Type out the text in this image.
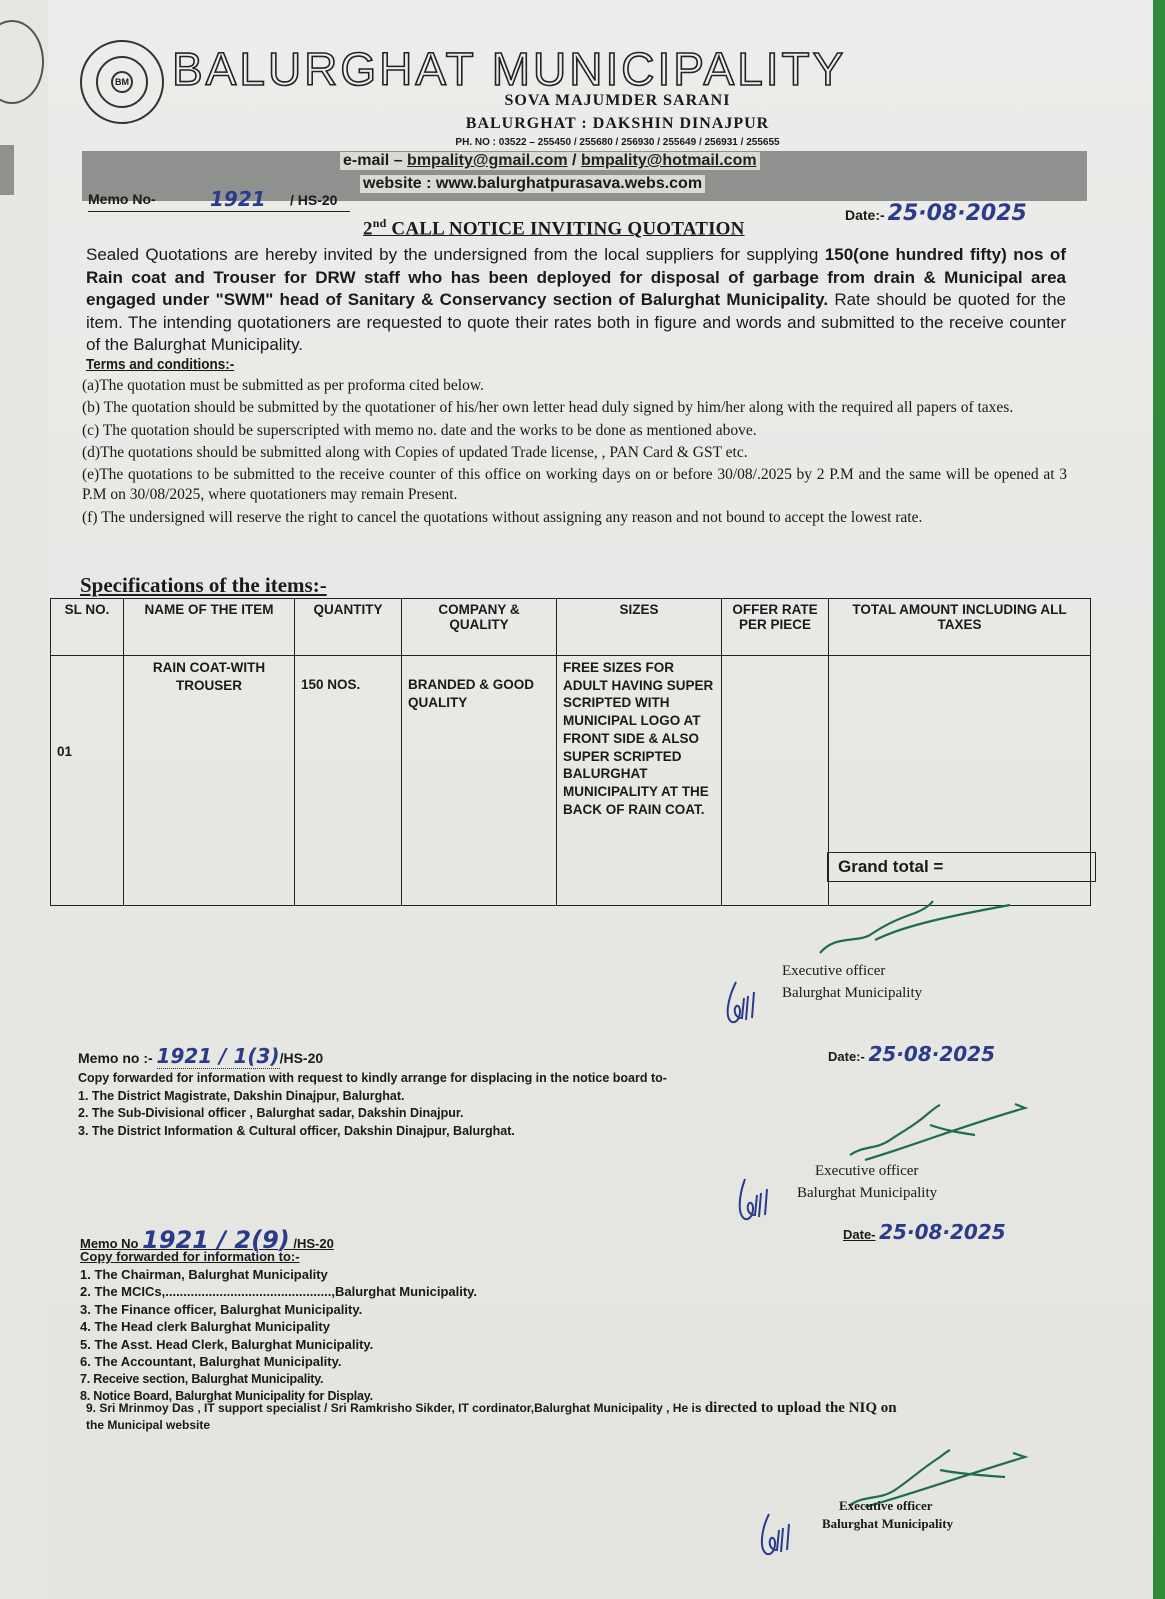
BM BALURGHAT MUNICIPALITY
SOVA MAJUMDER SARANI
BALURGHAT : DAKSHIN DINAJPUR
PH. NO : 03522 – 255450 / 255680 / 256930 / 255649 / 256931 / 255655
e-mail – bmpality@gmail.com / bmpality@hotmail.com
website : www.balurghatpurasava.webs.com
Memo No-	1921 / HS-20
Date:- 25·08·2025
2nd CALL NOTICE INVITING QUOTATION
Sealed Quotations are hereby invited by the undersigned from the local suppliers for supplying 150(one hundred fifty) nos of Rain coat and Trouser for DRW staff who has been deployed for disposal of garbage from drain & Municipal area engaged under "SWM" head of Sanitary & Conservancy section of Balurghat Municipality. Rate should be quoted for the item. The intending quotationers are requested to quote their rates both in figure and words and submitted to the receive counter of the Balurghat Municipality.
Terms and conditions:-

(a)The quotation must be submitted as per proforma cited below.

(b) The quotation should be submitted by the quotationer of his/her own letter head duly signed by him/her along with the required all papers of taxes.

(c) The quotation should be superscripted with memo no. date and the works to be done as mentioned above.

(d)The quotations should be submitted along with Copies of updated Trade license, , PAN Card & GST etc.

(e)The quotations to be submitted to the receive counter of this office on working days on or before 30/08/.2025 by 2 P.M and the same will be opened at 3 P.M on 30/08/2025, where quotationers may remain Present.

(f) The undersigned will reserve the right to cancel the quotations without assigning any reason and not bound to accept the lowest rate.

Specifications of the items:-
SL NO.	NAME OF THE ITEM	QUANTITY	COMPANY & QUALITY	SIZES	OFFER RATE PER PIECE	TOTAL AMOUNT INCLUDING ALL TAXES
01	RAIN COAT-WITH TROUSER	150 NOS.	BRANDED & GOOD QUALITY	FREE SIZES FOR ADULT HAVING SUPER SCRIPTED WITH MUNICIPAL LOGO AT FRONT SIDE & ALSO SUPER SCRIPTED BALURGHAT MUNICIPALITY AT THE BACK OF RAIN COAT.		
Grand total =
Executive officer
Balurghat Municipality
Memo no :- 1921 / 1(3)/HS-20	Date:- 25·08·2025
Copy forwarded for information with request to kindly arrange for displacing in the notice board to-
1. The District Magistrate, Dakshin Dinajpur, Balurghat.
2. The Sub-Divisional officer , Balurghat sadar, Dakshin Dinajpur.
3. The District Information & Cultural officer, Dakshin Dinajpur, Balurghat.
Executive officer
Balurghat Municipality
Memo No 1921 / 2(9) /HS-20
Date- 25·08·2025
Copy forwarded for information to:-
1. The Chairman, Balurghat Municipality
2. The MCICs,..............................................,Balurghat Municipality.
3. The Finance officer, Balurghat Municipality.
4. The Head clerk Balurghat Municipality
5. The Asst. Head Clerk, Balurghat Municipality.
6. The Accountant, Balurghat Municipality.
7. Receive section, Balurghat Municipality.
8. Notice Board, Balurghat Municipality for Display.
9. Sri Mrinmoy Das , IT support specialist / Sri Ramkrisho Sikder, IT cordinator,Balurghat Municipality , He is directed to upload the NIQ on
the Municipal website
Executive officer
Balurghat Municipality
